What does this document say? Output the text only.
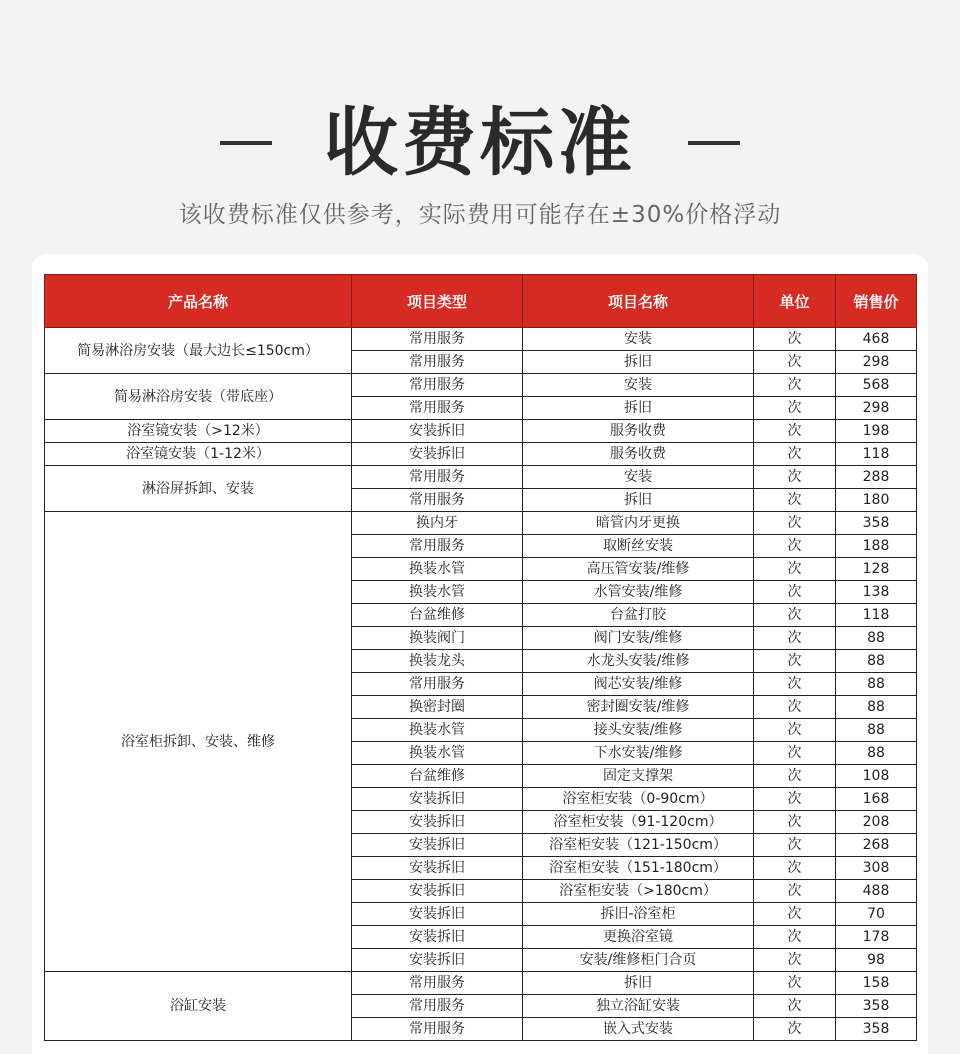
收费标准
该收费标准仅供参考，实际费用可能存在±30%价格浮动
产品名称	项目类型	项目名称	单位	销售价
简易淋浴房安装（最大边长≤150cm）	常用服务	安装	次	468
	常用服务	拆旧	次	298
简易淋浴房安装（带底座）	常用服务	安装	次	568
	常用服务	拆旧	次	298
浴室镜安装（>12米）	安装拆旧	服务收费	次	198
浴室镜安装（1-12米）	安装拆旧	服务收费	次	118
淋浴屏拆卸、安装	常用服务	安装	次	288
	常用服务	拆旧	次	180
浴室柜拆卸、安装、维修	换内牙	暗管内牙更换	次	358
	常用服务	取断丝安装	次	188
	换装水管	高压管安装/维修	次	128
	换装水管	水管安装/维修	次	138
	台盆维修	台盆打胶	次	118
	换装阀门	阀门安装/维修	次	88
	换装龙头	水龙头安装/维修	次	88
	常用服务	阀芯安装/维修	次	88
	换密封圈	密封圈安装/维修	次	88
	换装水管	接头安装/维修	次	88
	换装水管	下水安装/维修	次	88
	台盆维修	固定支撑架	次	108
	安装拆旧	浴室柜安装（0-90cm）	次	168
	安装拆旧	浴室柜安装（91-120cm）	次	208
	安装拆旧	浴室柜安装（121-150cm）	次	268
	安装拆旧	浴室柜安装（151-180cm）	次	308
	安装拆旧	浴室柜安装（>180cm）	次	488
	安装拆旧	拆旧-浴室柜	次	70
	安装拆旧	更换浴室镜	次	178
	安装拆旧	安装/维修柜门合页	次	98
浴缸安装	常用服务	拆旧	次	158
	常用服务	独立浴缸安装	次	358
	常用服务	嵌入式安装	次	358
